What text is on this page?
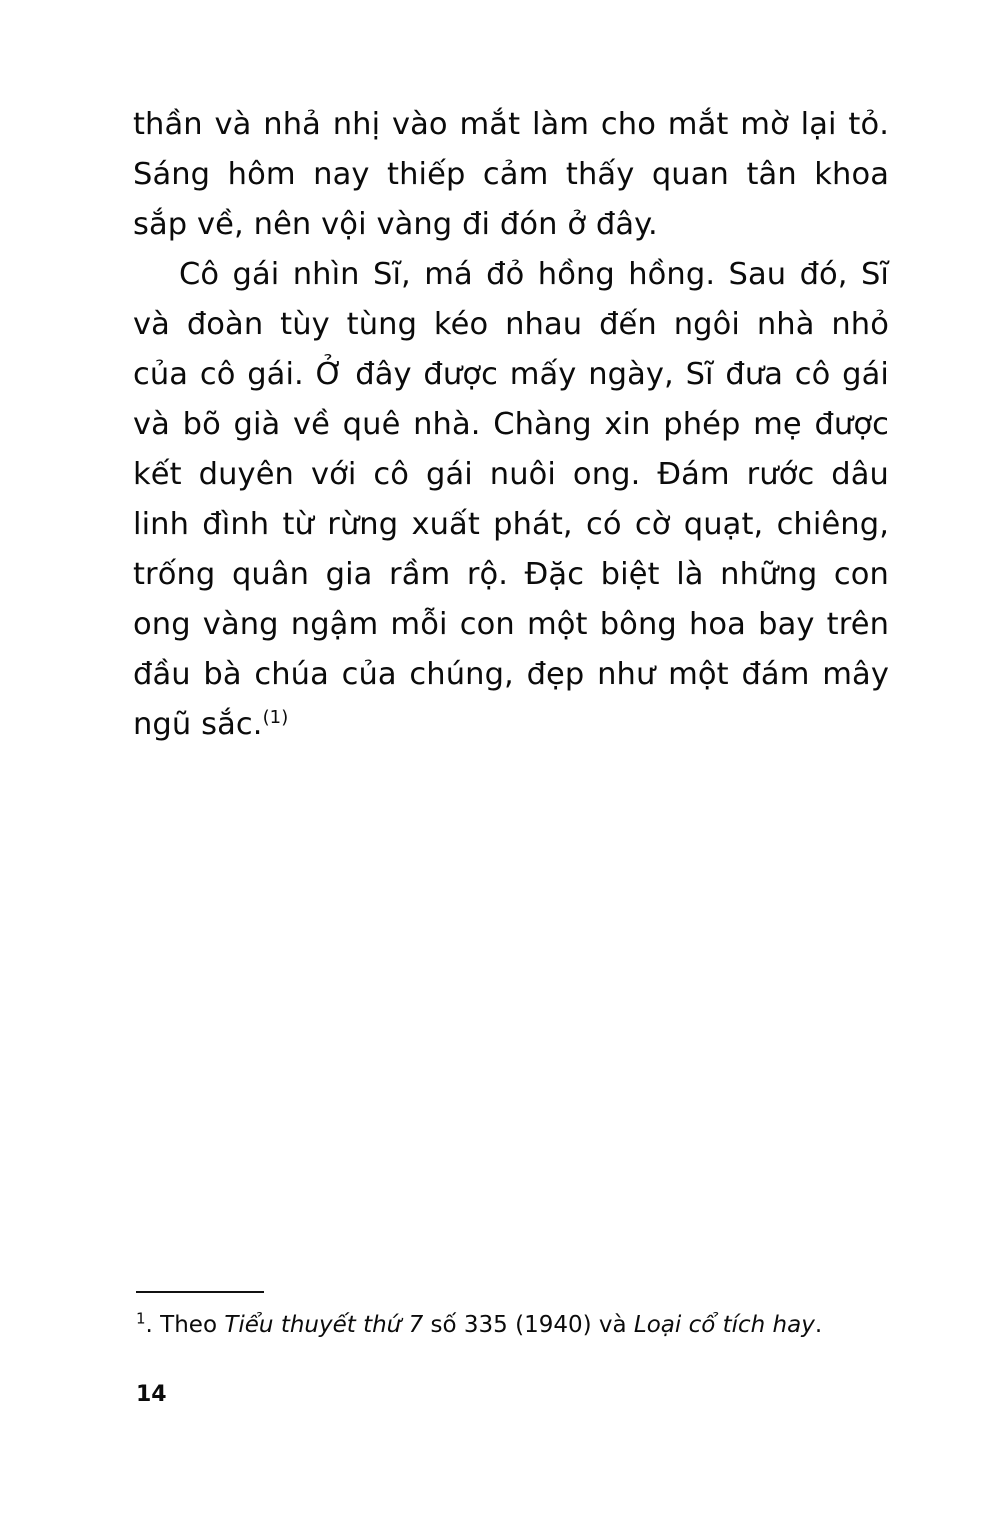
thần và nhả nhị vào mắt làm cho mắt mờ lại tỏ. Sáng hôm nay thiếp cảm thấy quan tân khoa sắp về, nên vội vàng đi đón ở đây.

Cô gái nhìn Sĩ, má đỏ hồng hồng. Sau đó, Sĩ và đoàn tùy tùng kéo nhau đến ngôi nhà nhỏ của cô gái. Ở đây được mấy ngày, Sĩ đưa cô gái và bõ già về quê nhà. Chàng xin phép mẹ được kết duyên với cô gái nuôi ong. Đám rước dâu linh đình từ rừng xuất phát, có cờ quạt, chiêng, trống quân gia rầm rộ. Đặc biệt là những con ong vàng ngậm mỗi con một bông hoa bay trên đầu bà chúa của chúng, đẹp như một đám mây ngũ sắc.$^{(1)}$

$^1$. Theo Tiểu thuyết thứ 7 số 335 (1940) và Loại cổ tích hay.
14
